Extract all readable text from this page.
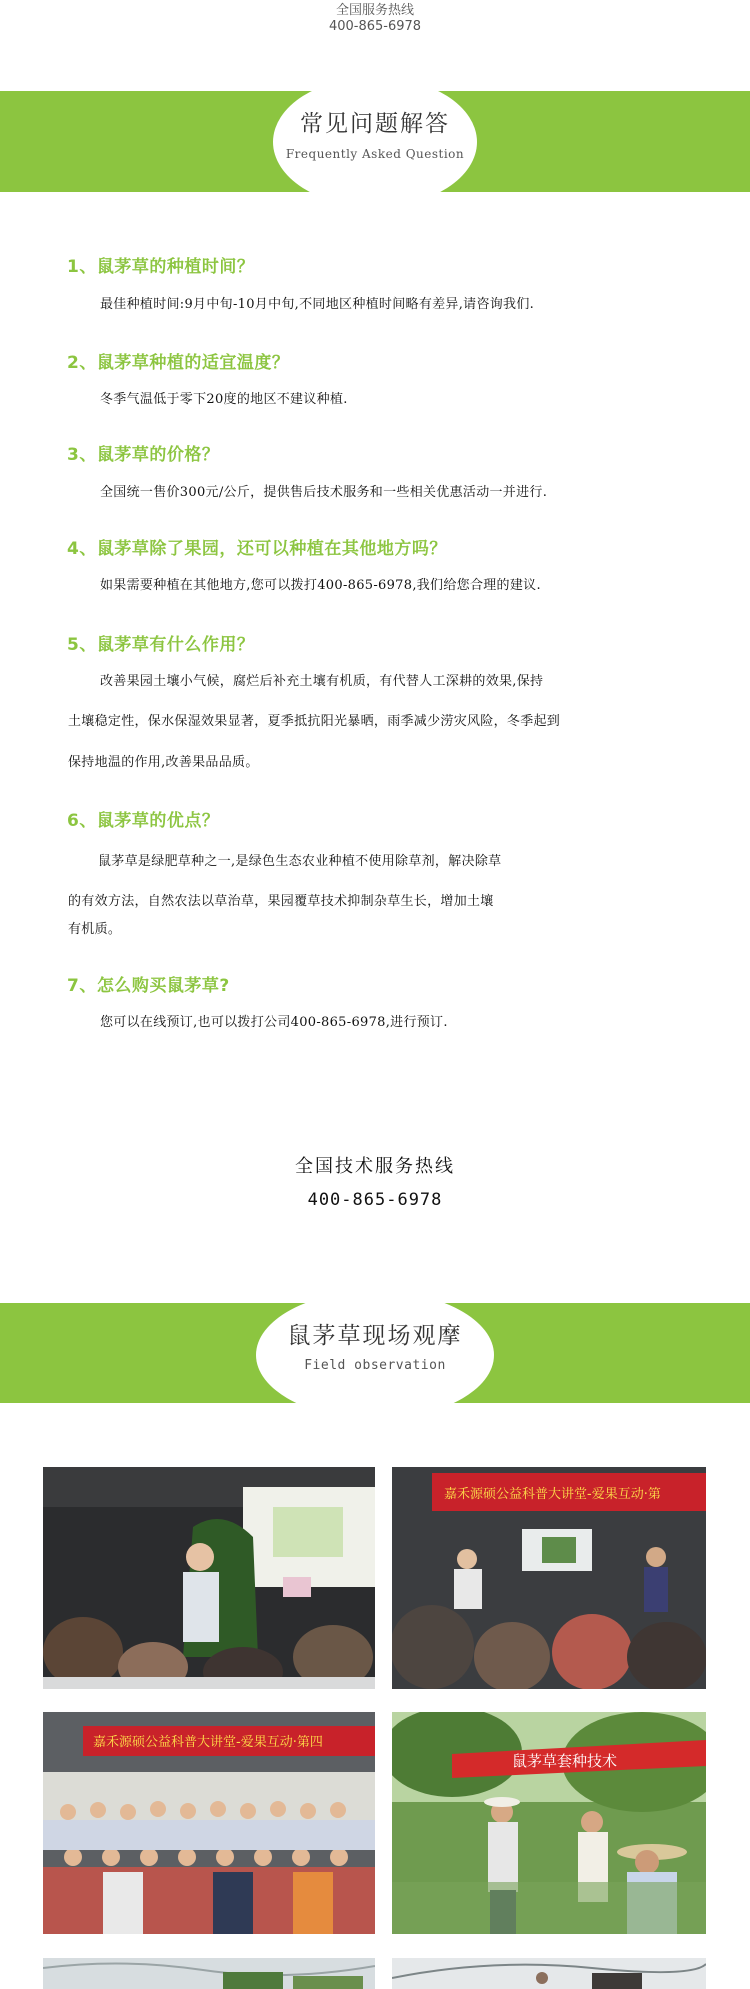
全国服务热线
400-865-6978
常见问题解答
Frequently Asked Question
1、鼠茅草的种植时间？
最佳种植时间:9月中旬-10月中旬,不同地区种植时间略有差异,请咨询我们.
2、鼠茅草种植的适宜温度？
冬季气温低于零下20度的地区不建议种植.
3、鼠茅草的价格？
全国统一售价300元/公斤，提供售后技术服务和一些相关优惠活动一并进行.
4、鼠茅草除了果园，还可以种植在其他地方吗？
如果需要种植在其他地方,您可以拨打400-865-6978,我们给您合理的建议.
5、鼠茅草有什么作用？
改善果园土壤小气候，腐烂后补充土壤有机质，有代替人工深耕的效果,保持
土壤稳定性，保水保湿效果显著，夏季抵抗阳光暴晒，雨季减少涝灾风险，冬季起到
保持地温的作用,改善果品品质。
6、鼠茅草的优点？
鼠茅草是绿肥草种之一,是绿色生态农业种植不使用除草剂，解决除草
的有效方法，自然农法以草治草，果园覆草技术抑制杂草生长，增加土壤
有机质。
7、怎么购买鼠茅草?
您可以在线预订,也可以拨打公司400-865-6978,进行预订.
全国技术服务热线
400-865-6978
鼠茅草现场观摩
Field observation
嘉禾源硕公益科普大讲堂-爱果互动·第
嘉禾源硕公益科普大讲堂-爱果互动·第四
鼠茅草套种技术
